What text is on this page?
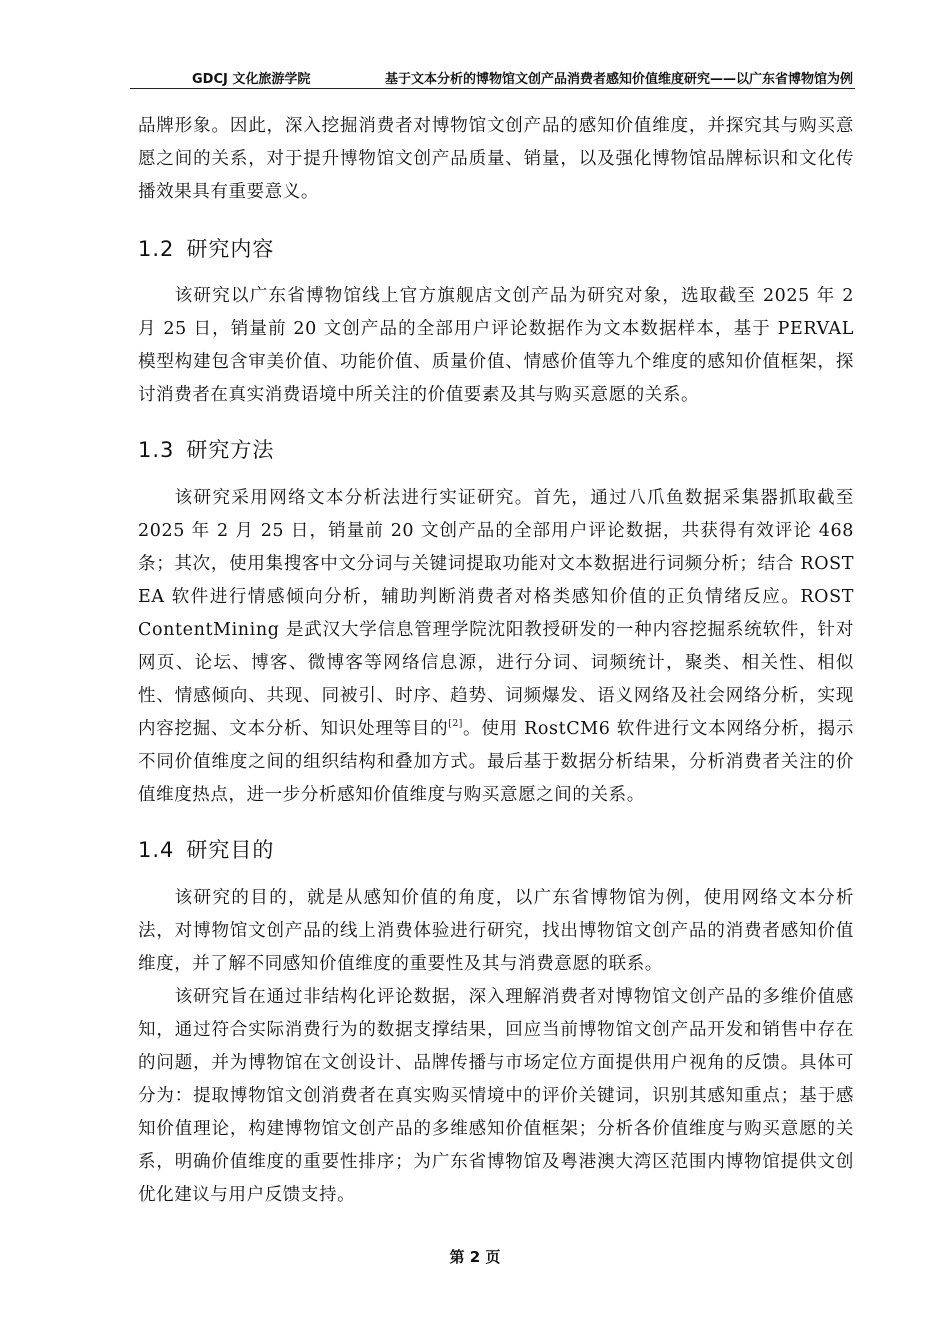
GDCJ 文化旅游学院	基于文本分析的博物馆文创产品消费者感知价值维度研究——以广东省博物馆为例

品牌形象。因此，深入挖掘消费者对博物馆文创产品的感知价值维度，并探究其与购买意愿之间的关系，对于提升博物馆文创产品质量、销量，以及强化博物馆品牌标识和文化传播效果具有重要意义。

1.2 研究内容

该研究以广东省博物馆线上官方旗舰店文创产品为研究对象，选取截至 2025 年 2 月 25 日，销量前 20 文创产品的全部用户评论数据作为文本数据样本，基于 PERVAL 模型构建包含审美价值、功能价值、质量价值、情感价值等九个维度的感知价值框架，探讨消费者在真实消费语境中所关注的价值要素及其与购买意愿的关系。

1.3 研究方法

该研究采用网络文本分析法进行实证研究。首先，通过八爪鱼数据采集器抓取截至 2025 年 2 月 25 日，销量前 20 文创产品的全部用户评论数据，共获得有效评论 468 条；其次，使用集搜客中文分词与关键词提取功能对文本数据进行词频分析；结合 ROST EA 软件进行情感倾向分析，辅助判断消费者对格类感知价值的正负情绪反应。ROST ContentMining 是武汉大学信息管理学院沈阳教授研发的一种内容挖掘系统软件，针对网页、论坛、博客、微博客等网络信息源，进行分词、词频统计，聚类、相关性、相似性、情感倾向、共现、同被引、时序、趋势、词频爆发、语义网络及社会网络分析，实现内容挖掘、文本分析、知识处理等目的[2]。使用 RostCM6 软件进行文本网络分析，揭示不同价值维度之间的组织结构和叠加方式。最后基于数据分析结果，分析消费者关注的价值维度热点，进一步分析感知价值维度与购买意愿之间的关系。

1.4 研究目的

该研究的目的，就是从感知价值的角度，以广东省博物馆为例，使用网络文本分析法，对博物馆文创产品的线上消费体验进行研究，找出博物馆文创产品的消费者感知价值维度，并了解不同感知价值维度的重要性及其与消费意愿的联系。

该研究旨在通过非结构化评论数据，深入理解消费者对博物馆文创产品的多维价值感知，通过符合实际消费行为的数据支撑结果，回应当前博物馆文创产品开发和销售中存在的问题，并为博物馆在文创设计、品牌传播与市场定位方面提供用户视角的反馈。具体可分为：提取博物馆文创消费者在真实购买情境中的评价关键词，识别其感知重点；基于感知价值理论，构建博物馆文创产品的多维感知价值框架；分析各价值维度与购买意愿的关系，明确价值维度的重要性排序；为广东省博物馆及粤港澳大湾区范围内博物馆提供文创优化建议与用户反馈支持。

第 2 页
